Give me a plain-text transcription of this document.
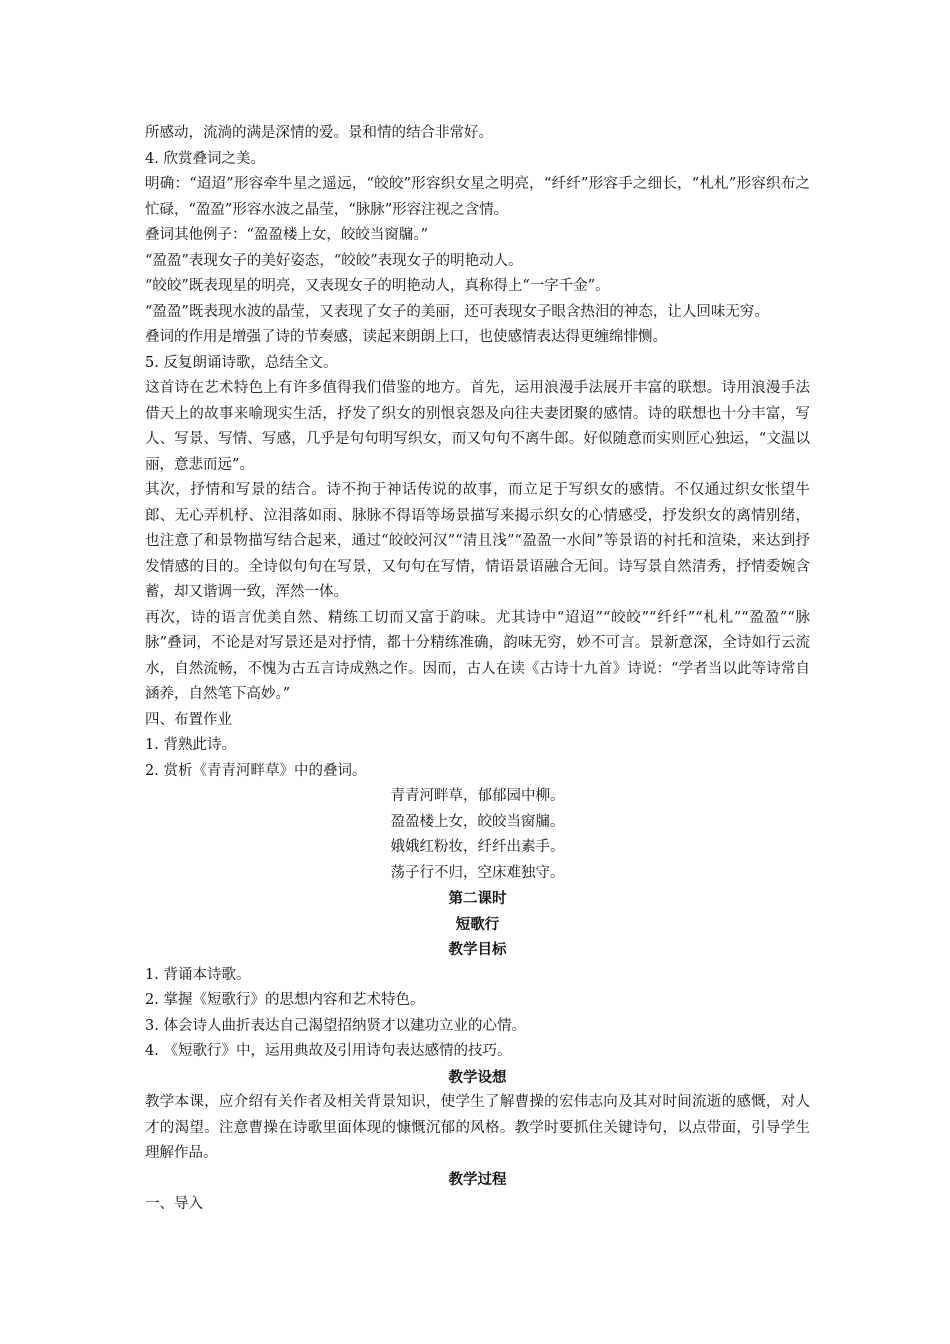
所感动，流淌的满是深情的爱。景和情的结合非常好。

4. 欣赏叠词之美。

明确：“迢迢”形容牵牛星之遥远，“皎皎”形容织女星之明亮，“纤纤”形容手之细长，“札札”形容织布之忙碌，“盈盈”形容水波之晶莹，“脉脉”形容注视之含情。

叠词其他例子：“盈盈楼上女，皎皎当窗牖。”

“盈盈”表现女子的美好姿态，“皎皎”表现女子的明艳动人。

“皎皎”既表现星的明亮，又表现女子的明艳动人，真称得上“一字千金”。

“盈盈”既表现水波的晶莹，又表现了女子的美丽，还可表现女子眼含热泪的神态，让人回味无穷。

叠词的作用是增强了诗的节奏感，读起来朗朗上口，也使感情表达得更缠绵悱恻。

5. 反复朗诵诗歌，总结全文。

这首诗在艺术特色上有许多值得我们借鉴的地方。首先，运用浪漫手法展开丰富的联想。诗用浪漫手法借天上的故事来喻现实生活，抒发了织女的别恨哀怨及向往夫妻团聚的感情。诗的联想也十分丰富，写人、写景、写情、写感，几乎是句句明写织女，而又句句不离牛郎。好似随意而实则匠心独运，“文温以丽，意悲而远”。

其次，抒情和写景的结合。诗不拘于神话传说的故事，而立足于写织女的感情。不仅通过织女怅望牛郎、无心弄机杼、泣泪落如雨、脉脉不得语等场景描写来揭示织女的心情感受，抒发织女的离情别绪，也注意了和景物描写结合起来，通过“皎皎河汉”“清且浅”“盈盈一水间”等景语的衬托和渲染，来达到抒发情感的目的。全诗似句句在写景，又句句在写情，情语景语融合无间。诗写景自然清秀，抒情委婉含蓄，却又谐调一致，浑然一体。

再次，诗的语言优美自然、精练工切而又富于韵味。尤其诗中“迢迢”“皎皎”“纤纤”“札札”“盈盈”“脉脉”叠词，不论是对写景还是对抒情，都十分精练准确，韵味无穷，妙不可言。景新意深，全诗如行云流水，自然流畅，不愧为古五言诗成熟之作。因而，古人在读《古诗十九首》诗说：“学者当以此等诗常自涵养，自然笔下高妙。”

四、布置作业

1. 背熟此诗。

2. 赏析《青青河畔草》中的叠词。

青青河畔草，郁郁园中柳。

盈盈楼上女，皎皎当窗牖。

娥娥红粉妆，纤纤出素手。

荡子行不归，空床难独守。

第二课时

短歌行

教学目标

1. 背诵本诗歌。

2. 掌握《短歌行》的思想内容和艺术特色。

3. 体会诗人曲折表达自己渴望招纳贤才以建功立业的心情。

4. 《短歌行》中，运用典故及引用诗句表达感情的技巧。

教学设想

教学本课，应介绍有关作者及相关背景知识，使学生了解曹操的宏伟志向及其对时间流逝的感慨，对人才的渴望。注意曹操在诗歌里面体现的慷慨沉郁的风格。教学时要抓住关键诗句，以点带面，引导学生理解作品。

教学过程

一、导入
